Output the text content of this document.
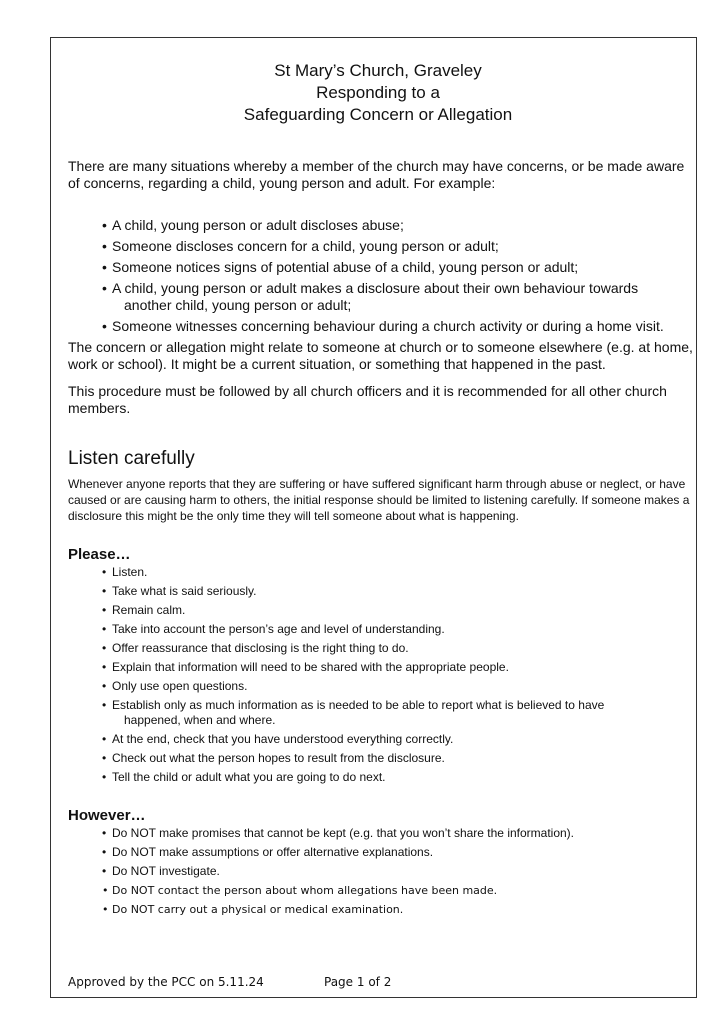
St Mary’s Church, Graveley
Responding to a
Safeguarding Concern or Allegation

There are many situations whereby a member of the church may have concerns, or be made aware of concerns, regarding a child, young person and adult. For example:

• A child, young person or adult discloses abuse;
• Someone discloses concern for a child, young person or adult;
• Someone notices signs of potential abuse of a child, young person or adult;
• A child, young person or adult makes a disclosure about their own behaviour towards
another child, young person or adult;
• Someone witnesses concerning behaviour during a church activity or during a home visit.

The concern or allegation might relate to someone at church or to someone elsewhere (e.g. at home, work or school). It might be a current situation, or something that happened in the past.

This procedure must be followed by all church officers and it is recommended for all other church members.

Listen carefully

Whenever anyone reports that they are suffering or have suffered significant harm through abuse or neglect, or have caused or are causing harm to others, the initial response should be limited to listening carefully. If someone makes a disclosure this might be the only time they will tell someone about what is happening.

Please…
• Listen.
• Take what is said seriously.
• Remain calm.
• Take into account the person’s age and level of understanding.
• Offer reassurance that disclosing is the right thing to do.
• Explain that information will need to be shared with the appropriate people.
• Only use open questions.
• Establish only as much information as is needed to be able to report what is believed to have
happened, when and where.
• At the end, check that you have understood everything correctly.
• Check out what the person hopes to result from the disclosure.
• Tell the child or adult what you are going to do next.
However…
• Do NOT make promises that cannot be kept (e.g. that you won’t share the information).
• Do NOT make assumptions or offer alternative explanations.
• Do NOT investigate.
• Do NOT contact the person about whom allegations have been made.
• Do NOT carry out a physical or medical examination.
Approved by the PCC on 5.11.24	Page 1 of 2
